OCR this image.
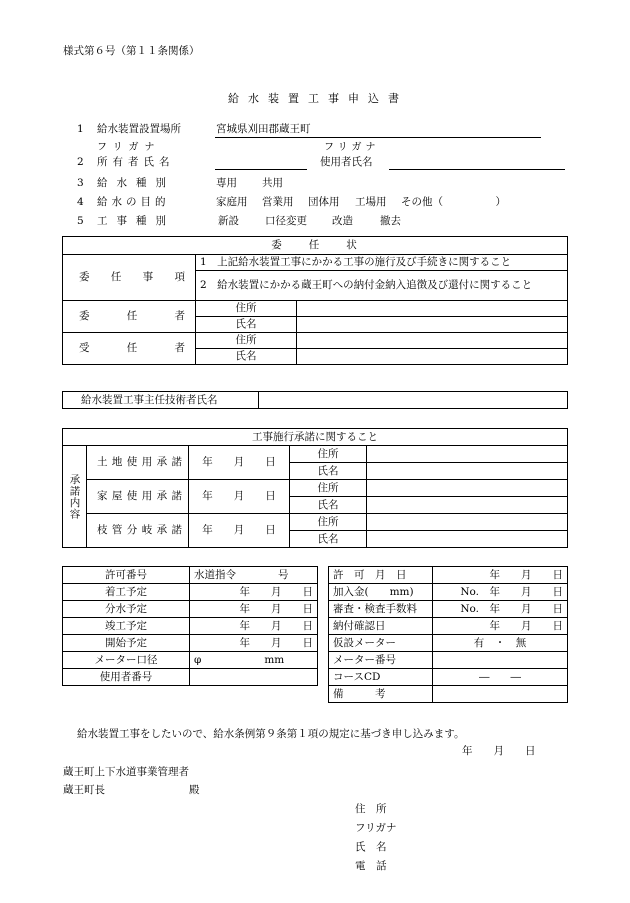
様式第６号（第１１条関係）
給水装置工事申込書
1 給水装置設置場所	宮城県刈田郡蔵王町
フリガナ	フリガナ
2 所有者氏名	使用者氏名
3 給水種別	専用 共用
4 給水の目的	家庭用 営業用 団体用 工場用 その他（　　　　　）
5 工事種別	新設 口径変更 改造	撤去
委　　任　　状		

委任事項	1　上記給水装置工事にかかる工事の施行及び手続きに関すること	
	2　給水装置にかかる蔵王町への納付金納入追徴及び還付に関すること	

委任者	住所	
	氏名	

受任者	住所	
	氏名	
給水装置工事主任技術者氏名	
工事施行承諾に関すること				
承諾内容	土地使用承諾	年　　月　　日	住所	
			氏名	

	家屋使用承諾	年　　月　　日	住所	
			氏名	

	枝管分岐承諾	年　　月　　日	住所	
			氏名	
許可番号	水道指令　　　　号
着工予定	年　　月　　日
分水予定	年　　月　　日
竣工予定	年　　月　　日
開始予定	年　　月　　日
メーター口径	φ　　　　　　mm
使用者番号	
許　可　月　日	年　　月　　日
加入金(　　mm)	No.　年　　月　　日
審査・検査手数料	No.　年　　月　　日
納付確認日	年　　月　　日
仮設メーター	有　・　無
メーター番号	
コースCD	―　　―
備　　　考	
給水装置工事をしたいので、給水条例第９条第１項の規定に基づき申し込みます。
年　　月　　日
蔵王町上下水道事業管理者
蔵王町長	殿
住　所
フリガナ
氏　名
電　話
